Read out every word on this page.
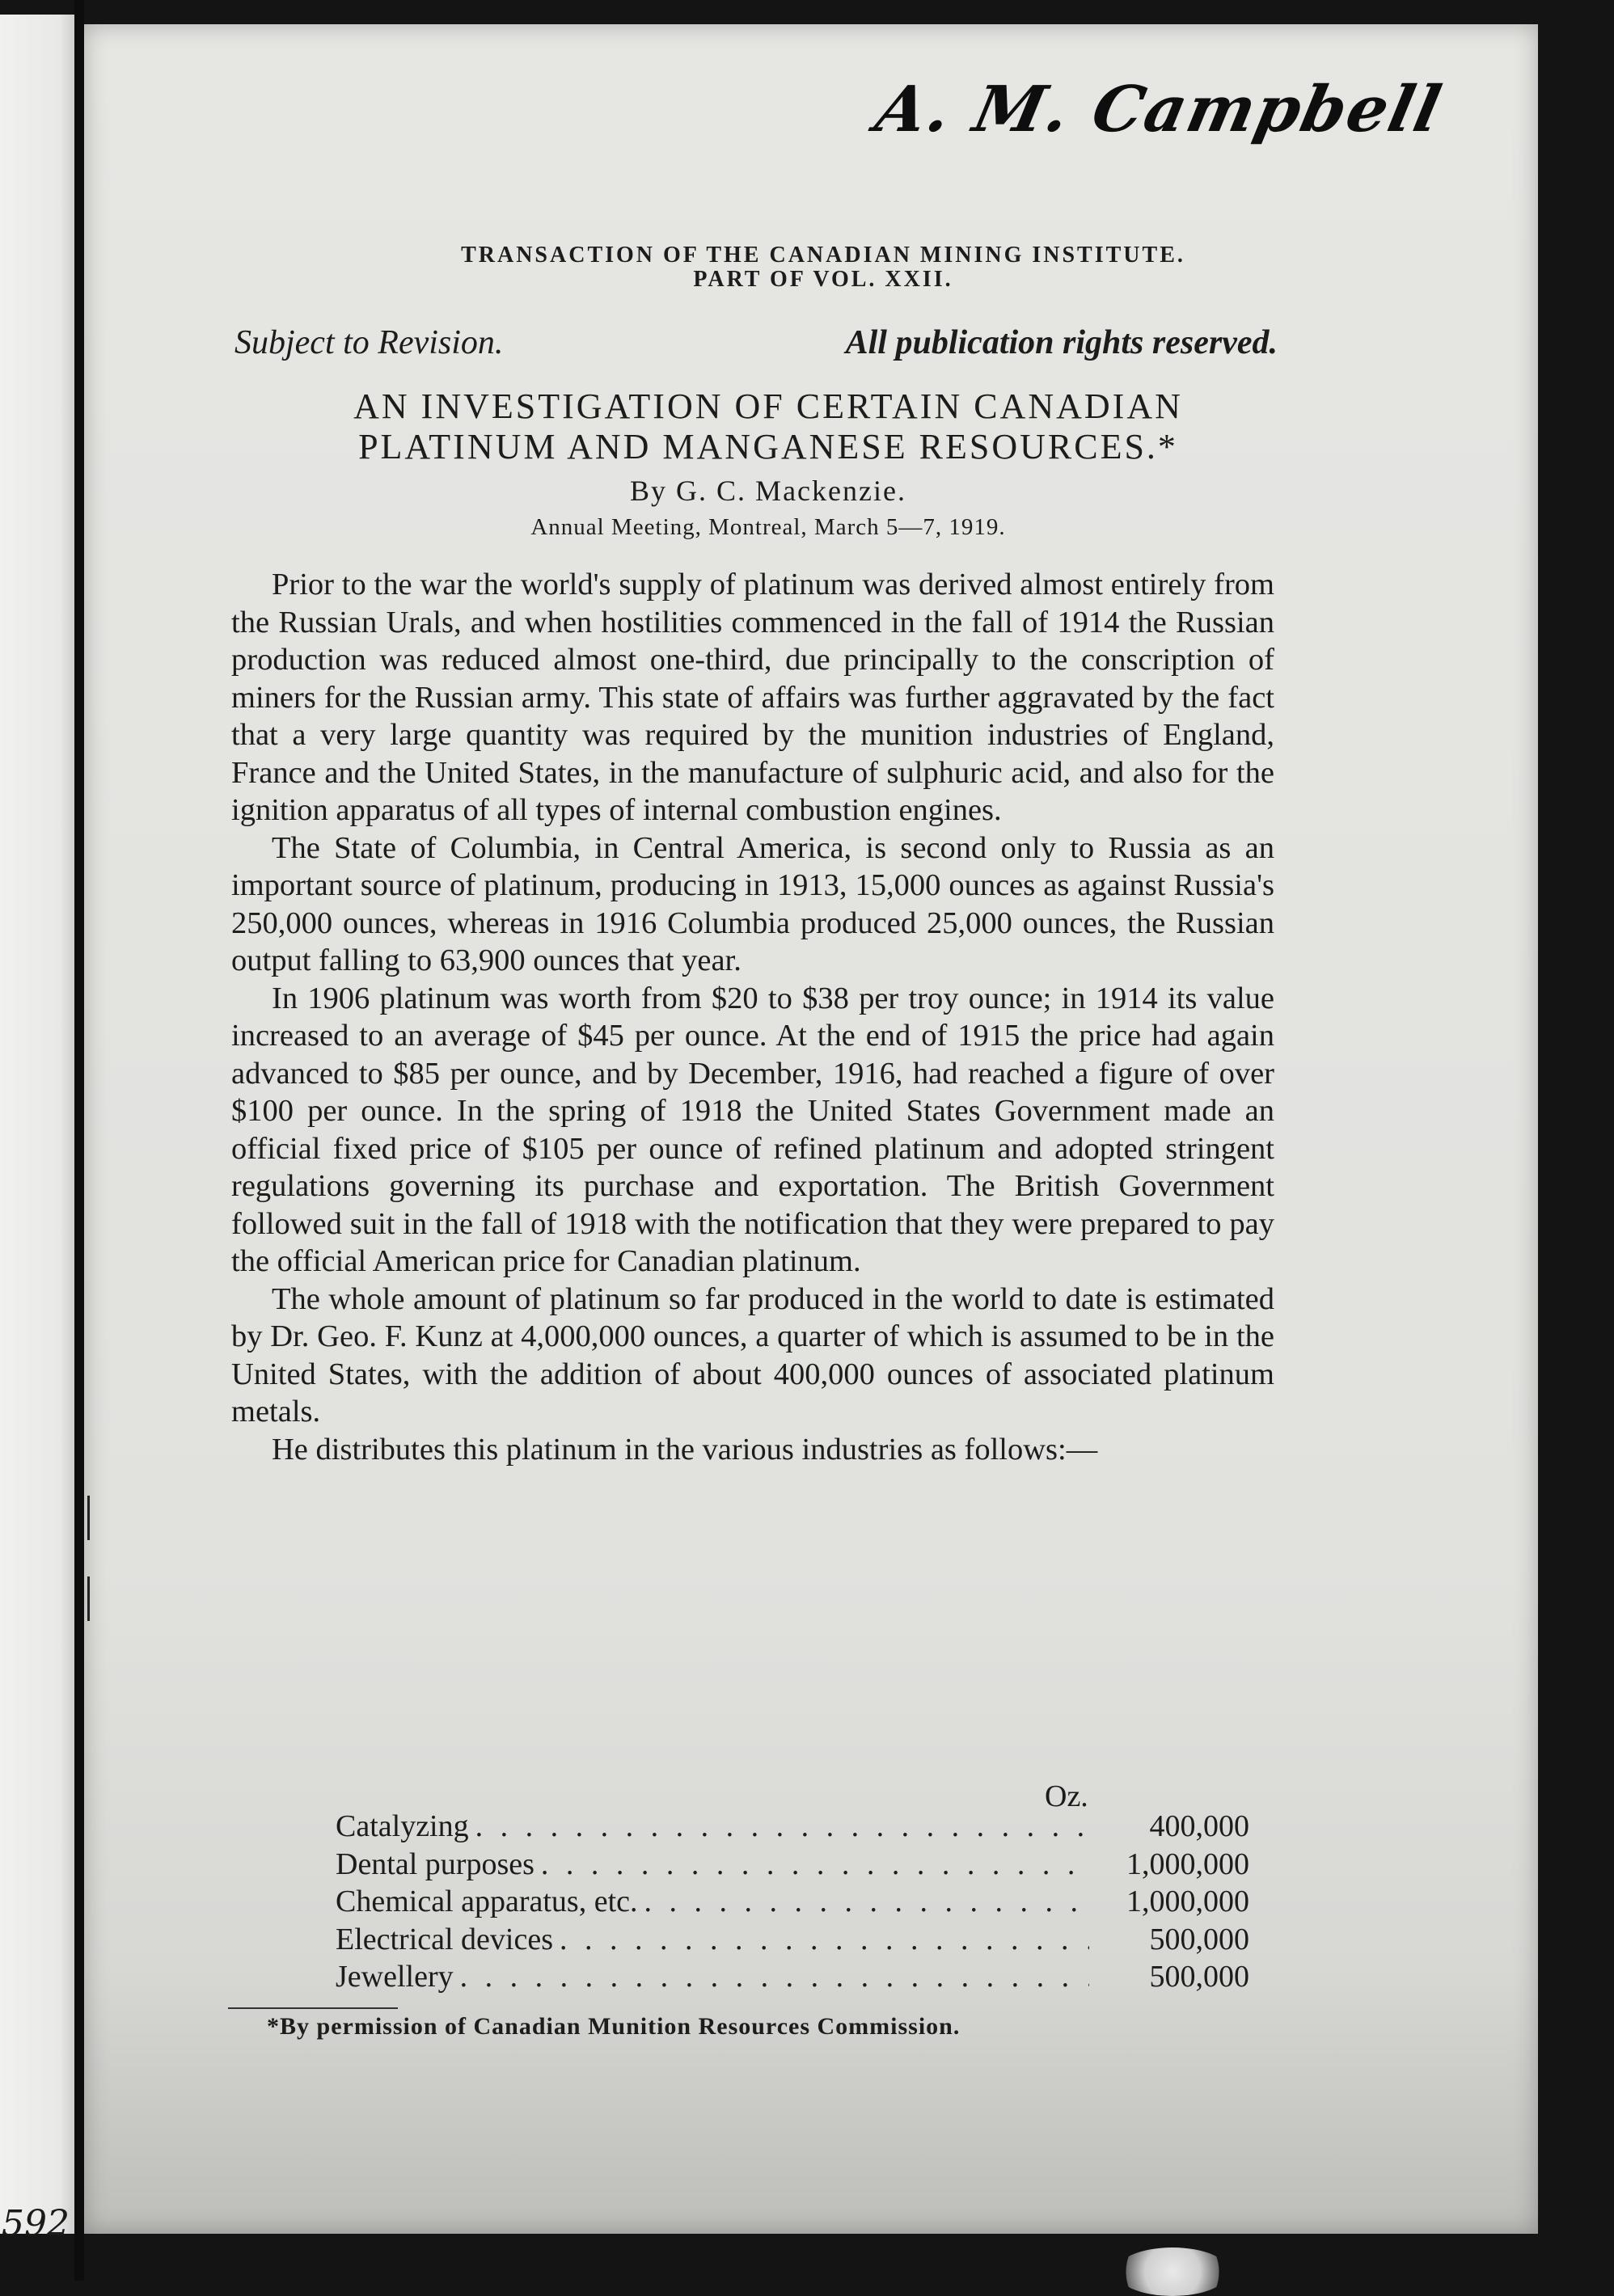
A. M. Campbell
TRANSACTION OF THE CANADIAN MINING INSTITUTE.
PART OF VOL. XXII.
Subject to Revision.	All publication rights reserved.
AN INVESTIGATION OF CERTAIN CANADIAN
PLATINUM AND MANGANESE RESOURCES.*
By G. C. Mackenzie.
Annual Meeting, Montreal, March 5—7, 1919.

Prior to the war the world's supply of platinum was derived almost entirely from the Russian Urals, and when hostilities commenced in the fall of 1914 the Russian production was reduced almost one-third, due principally to the conscription of miners for the Russian army. This state of affairs was further aggravated by the fact that a very large quantity was required by the munition industries of England, France and the United States, in the manufacture of sulphuric acid, and also for the ignition apparatus of all types of internal combustion engines.

The State of Columbia, in Central America, is second only to Russia as an important source of platinum, producing in 1913, 15,000 ounces as against Russia's 250,000 ounces, whereas in 1916 Columbia produced 25,000 ounces, the Russian output falling to 63,900 ounces that year.

In 1906 platinum was worth from $20 to $38 per troy ounce; in 1914 its value increased to an average of $45 per ounce. At the end of 1915 the price had again advanced to $85 per ounce, and by December, 1916, had reached a figure of over $100 per ounce. In the spring of 1918 the United States Government made an official fixed price of $105 per ounce of refined platinum and adopted stringent regulations governing its purchase and exportation. The British Government followed suit in the fall of 1918 with the notification that they were prepared to pay the official American price for Canadian platinum.

The whole amount of platinum so far produced in the world to date is estimated by Dr. Geo. F. Kunz at 4,000,000 ounces, a quarter of which is assumed to be in the United States, with the addition of about 400,000 ounces of associated platinum metals.

He distributes this platinum in the various industries as follows:—

Oz.
Catalyzing . . .	400,000
Dental purposes . . .	1,000,000
Chemical apparatus, etc. . . .	1,000,000
Electrical devices . . .	500,000
Jewellery . . .	500,000
*By permission of Canadian Munition Resources Commission.
592
